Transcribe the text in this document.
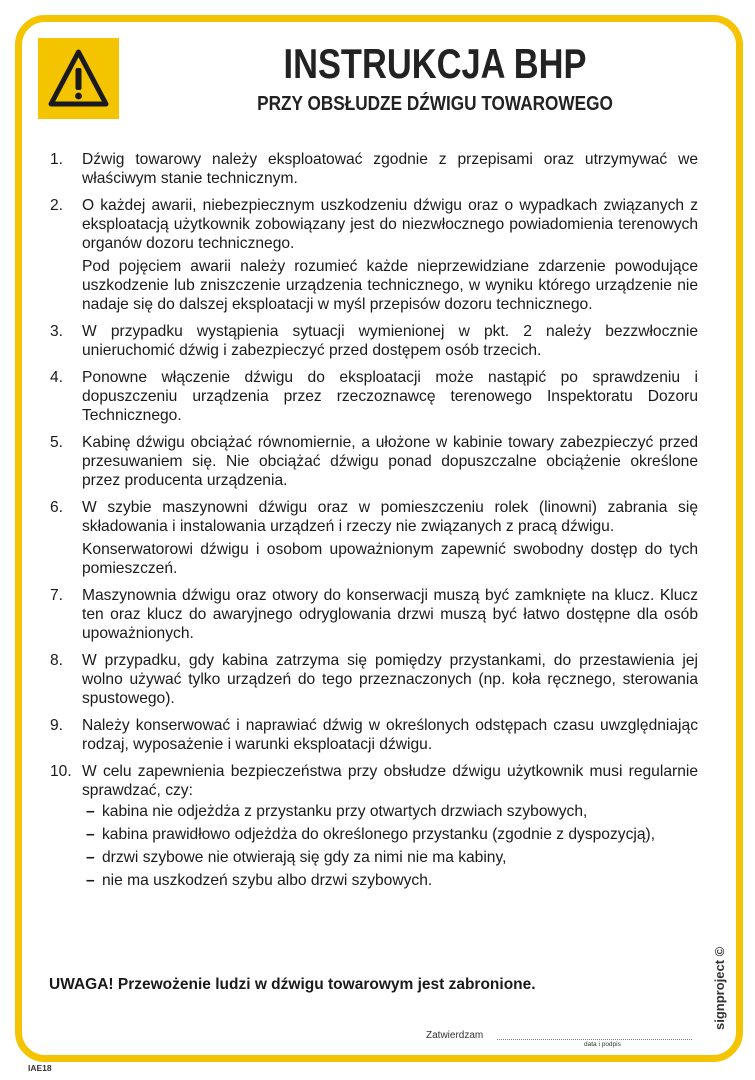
INSTRUKCJA BHP
PRZY OBSŁUDZE DŹWIGU TOWAROWEGO
1.	Dźwig towarowy należy eksploatować zgodnie z przepisami oraz utrzymywać we właściwym stanie technicznym.

2.	O każdej awarii, niebezpiecznym uszkodzeniu dźwigu oraz o wypadkach związanych z eksploatacją użytkownik zobowiązany jest do niezwłocznego powiadomienia terenowych organów dozoru technicznego.

Pod pojęciem awarii należy rozumieć każde nieprzewidziane zdarzenie powodujące uszkodzenie lub zniszczenie urządzenia technicznego, w wyniku którego urządzenie nie nadaje się do dalszej eksploatacji w myśl przepisów dozoru technicznego.

3.	W przypadku wystąpienia sytuacji wymienionej w pkt. 2 należy bezzwłocznie unieruchomić dźwig i zabezpieczyć przed dostępem osób trzecich.

4.	Ponowne włączenie dźwigu do eksploatacji może nastąpić po sprawdzeniu i dopuszczeniu urządzenia przez rzeczoznawcę terenowego Inspektoratu Dozoru Technicznego.

5.	Kabinę dźwigu obciążać równomiernie, a ułożone w kabinie towary zabezpieczyć przed przesuwaniem się. Nie obciążać dźwigu ponad dopuszczalne obciążenie określone przez producenta urządzenia.

6.	W szybie maszynowni dźwigu oraz w pomieszczeniu rolek (linowni) zabrania się składowania i instalowania urządzeń i rzeczy nie związanych z pracą dźwigu.

Konserwatorowi dźwigu i osobom upoważnionym zapewnić swobodny dostęp do tych pomieszczeń.

7.	Maszynownia dźwigu oraz otwory do konserwacji muszą być zamknięte na klucz. Klucz ten oraz klucz do awaryjnego odryglowania drzwi muszą być łatwo dostępne dla osób upoważnionych.

8.	W przypadku, gdy kabina zatrzyma się pomiędzy przystankami, do przestawienia jej wolno używać tylko urządzeń do tego przeznaczonych (np. koła ręcznego, sterowania spustowego).

9.	Należy konserwować i naprawiać dźwig w określonych odstępach czasu uwzględniając rodzaj, wyposażenie i warunki eksploatacji dźwigu.

10. W celu zapewnienia bezpieczeństwa przy obsłudze dźwigu użytkownik musi regularnie sprawdzać, czy:

– kabina nie odjeżdża z przystanku przy otwartych drzwiach szybowych,
– kabina prawidłowo odjeżdża do określonego przystanku (zgodnie z dyspozycją),
– drzwi szybowe nie otwierają się gdy za nimi nie ma kabiny,
– nie ma uszkodzeń szybu albo drzwi szybowych.
UWAGA! Przewożenie ludzi w dźwigu towarowym jest zabronione.
Zatwierdzam
data i podpis
IAE18
signproject ©
